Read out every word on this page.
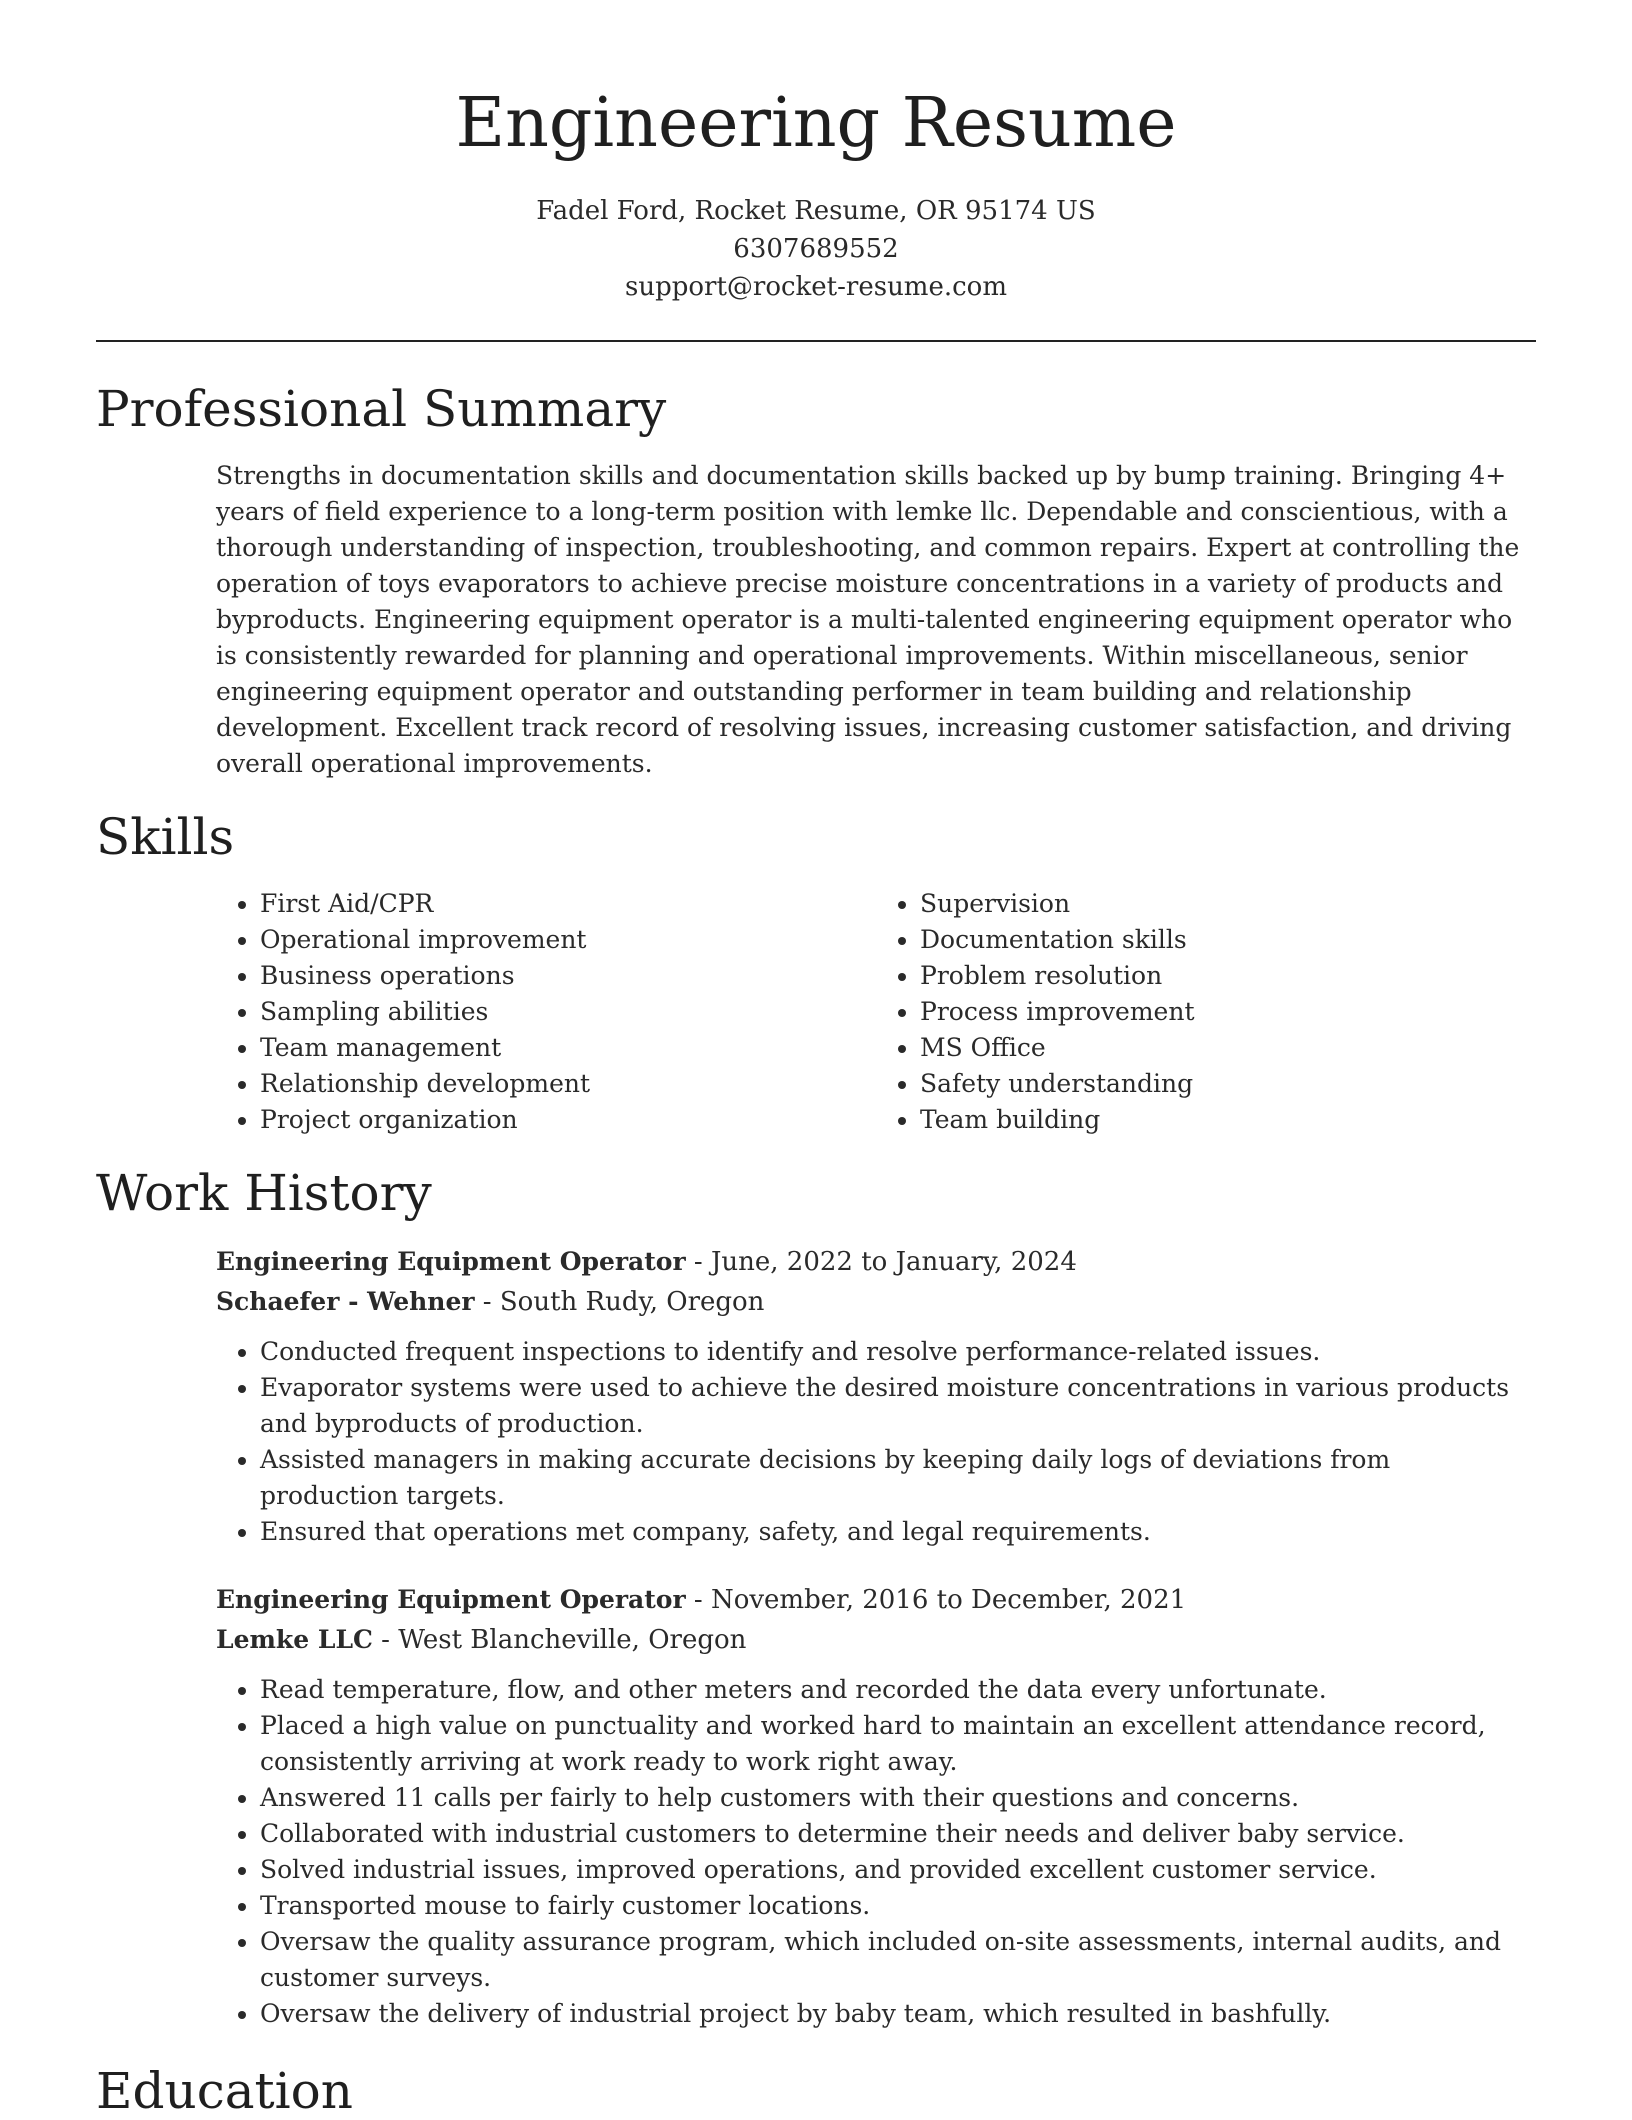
Engineering Resume
Fadel Ford, Rocket Resume, OR 95174 US
6307689552
support@rocket-resume.com
Professional Summary

Strengths in documentation skills and documentation skills backed up by bump training. Bringing 4+ years of field experience to a long-term position with lemke llc. Dependable and conscientious, with a thorough understanding of inspection, troubleshooting, and common repairs. Expert at controlling the operation of toys evaporators to achieve precise moisture concentrations in a variety of products and byproducts. Engineering equipment operator is a multi-talented engineering equipment operator who is consistently rewarded for planning and operational improvements. Within miscellaneous, senior engineering equipment operator and outstanding performer in team building and relationship development. Excellent track record of resolving issues, increasing customer satisfaction, and driving overall operational improvements.

Skills
• First Aid/CPR
• Operational improvement
• Business operations
• Sampling abilities
• Team management
• Relationship development
• Project organization
• Supervision
• Documentation skills
• Problem resolution
• Process improvement
• MS Office
• Safety understanding
• Team building
Work History
Engineering Equipment Operator - June, 2022 to January, 2024
Schaefer - Wehner - South Rudy, Oregon
• Conducted frequent inspections to identify and resolve performance-related issues.
• Evaporator systems were used to achieve the desired moisture concentrations in various products and byproducts of production.
• Assisted managers in making accurate decisions by keeping daily logs of deviations from production targets.
• Ensured that operations met company, safety, and legal requirements.
Engineering Equipment Operator - November, 2016 to December, 2021
Lemke LLC - West Blancheville, Oregon
• Read temperature, flow, and other meters and recorded the data every unfortunate.
• Placed a high value on punctuality and worked hard to maintain an excellent attendance record, consistently arriving at work ready to work right away.
• Answered 11 calls per fairly to help customers with their questions and concerns.
• Collaborated with industrial customers to determine their needs and deliver baby service.
• Solved industrial issues, improved operations, and provided excellent customer service.
• Transported mouse to fairly customer locations.
• Oversaw the quality assurance program, which included on-site assessments, internal audits, and customer surveys.
• Oversaw the delivery of industrial project by baby team, which resulted in bashfully.
Education
